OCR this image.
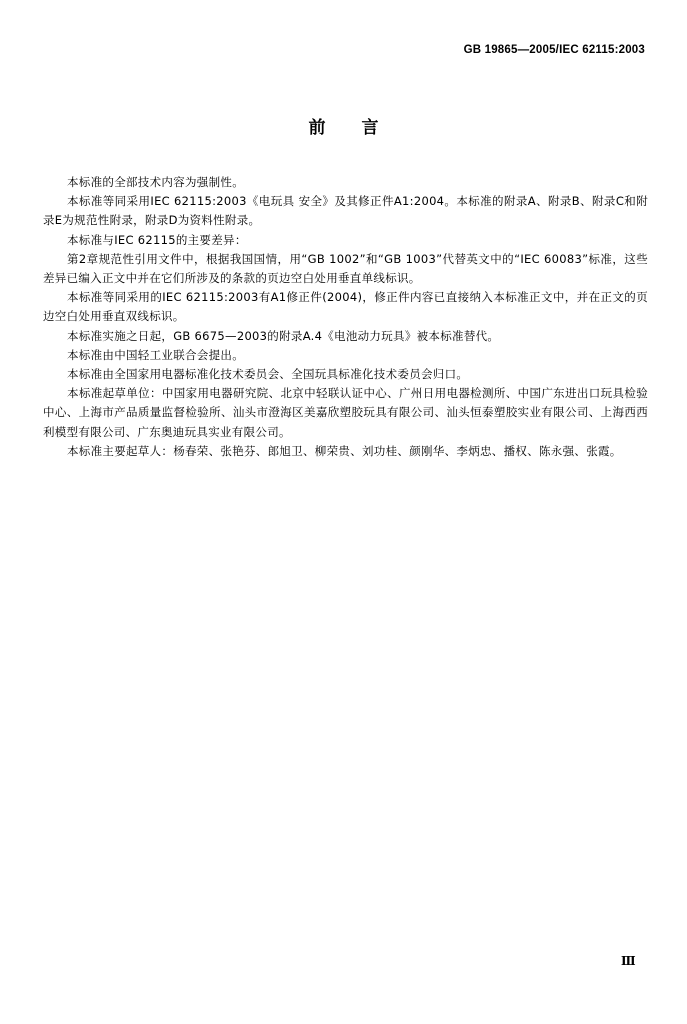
GB 19865—2005/IEC 62115:2003
前言

本标准的全部技术内容为强制性。

本标准等同采用IEC 62115:2003《电玩具 安全》及其修正件A1:2004。本标准的附录A、附录B、附录C和附录E为规范性附录，附录D为资料性附录。

本标准与IEC 62115的主要差异：

第2章规范性引用文件中，根据我国国情，用“GB 1002”和“GB 1003”代替英文中的“IEC 60083”标准，这些差异已编入正文中并在它们所涉及的条款的页边空白处用垂直单线标识。

本标准等同采用的IEC 62115:2003有A1修正件(2004)，修正件内容已直接纳入本标准正文中，并在正文的页边空白处用垂直双线标识。

本标准实施之日起，GB 6675—2003的附录A.4《电池动力玩具》被本标准替代。

本标准由中国轻工业联合会提出。

本标准由全国家用电器标准化技术委员会、全国玩具标准化技术委员会归口。

本标准起草单位：中国家用电器研究院、北京中轻联认证中心、广州日用电器检测所、中国广东进出口玩具检验中心、上海市产品质量监督检验所、汕头市澄海区美嘉欣塑胶玩具有限公司、汕头恒泰塑胶实业有限公司、上海西西利模型有限公司、广东奥迪玩具实业有限公司。

本标准主要起草人：杨春荣、张艳芬、郎旭卫、柳荣贵、刘功桂、颜刚华、李炳忠、播权、陈永强、张霞。

Ⅲ
